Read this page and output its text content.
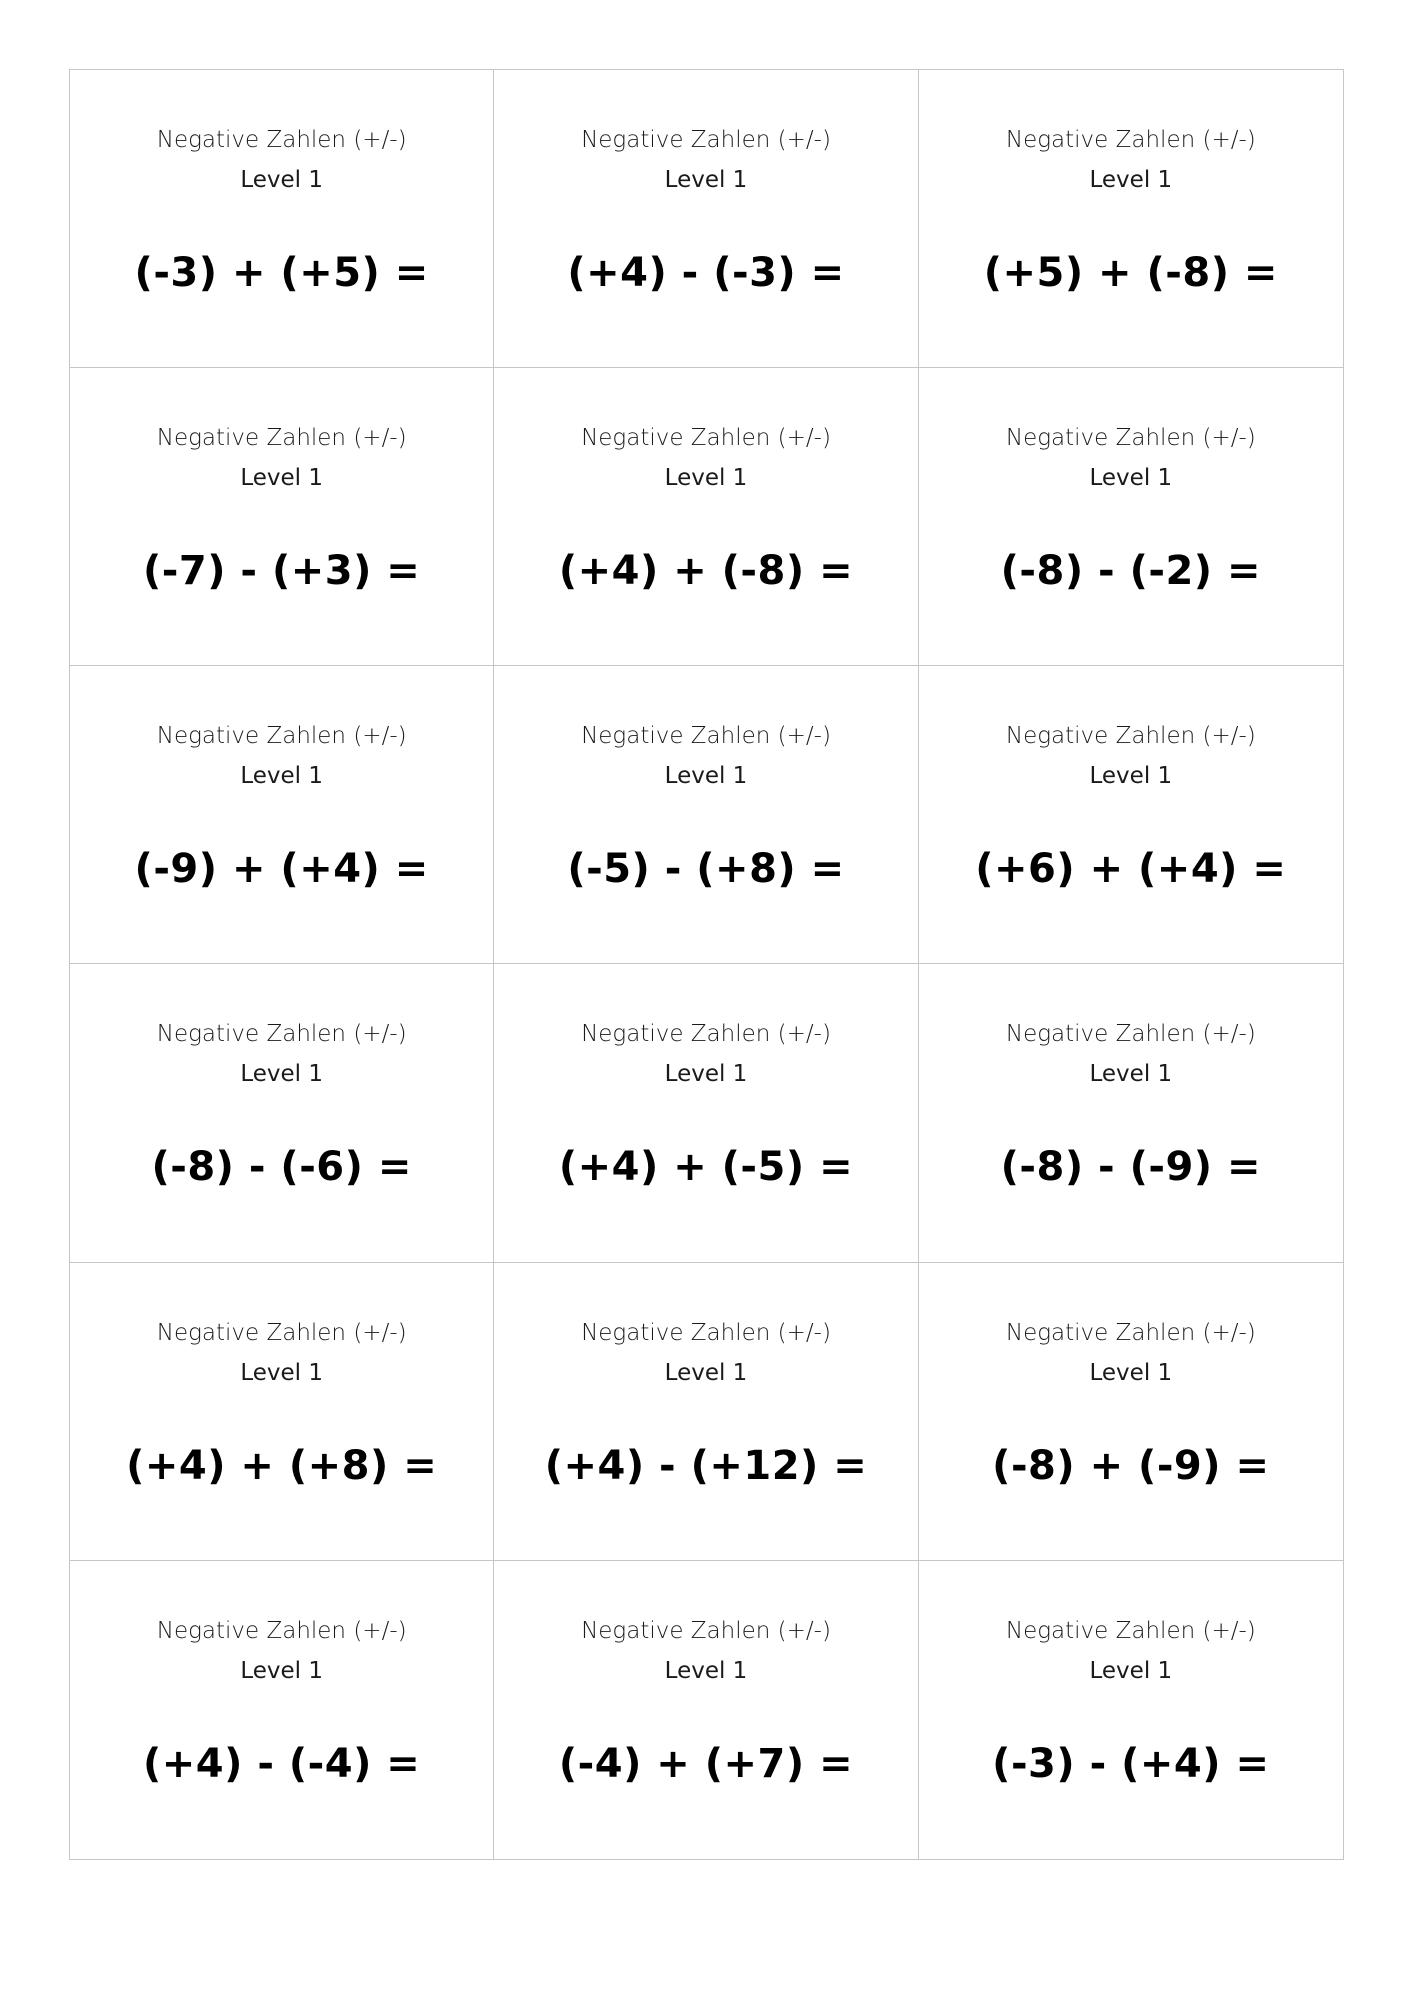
Negative Zahlen (+/-)
Level 1
(-3) + (+5) =
Negative Zahlen (+/-)
Level 1
(+4) - (-3) =
Negative Zahlen (+/-)
Level 1
(+5) + (-8) =
Negative Zahlen (+/-)
Level 1
(-7) - (+3) =
Negative Zahlen (+/-)
Level 1
(+4) + (-8) =
Negative Zahlen (+/-)
Level 1
(-8) - (-2) =
Negative Zahlen (+/-)
Level 1
(-9) + (+4) =
Negative Zahlen (+/-)
Level 1
(-5) - (+8) =
Negative Zahlen (+/-)
Level 1
(+6) + (+4) =
Negative Zahlen (+/-)
Level 1
(-8) - (-6) =
Negative Zahlen (+/-)
Level 1
(+4) + (-5) =
Negative Zahlen (+/-)
Level 1
(-8) - (-9) =
Negative Zahlen (+/-)
Level 1
(+4) + (+8) =
Negative Zahlen (+/-)
Level 1
(+4) - (+12) =
Negative Zahlen (+/-)
Level 1
(-8) + (-9) =
Negative Zahlen (+/-)
Level 1
(+4) - (-4) =
Negative Zahlen (+/-)
Level 1
(-4) + (+7) =
Negative Zahlen (+/-)
Level 1
(-3) - (+4) =
